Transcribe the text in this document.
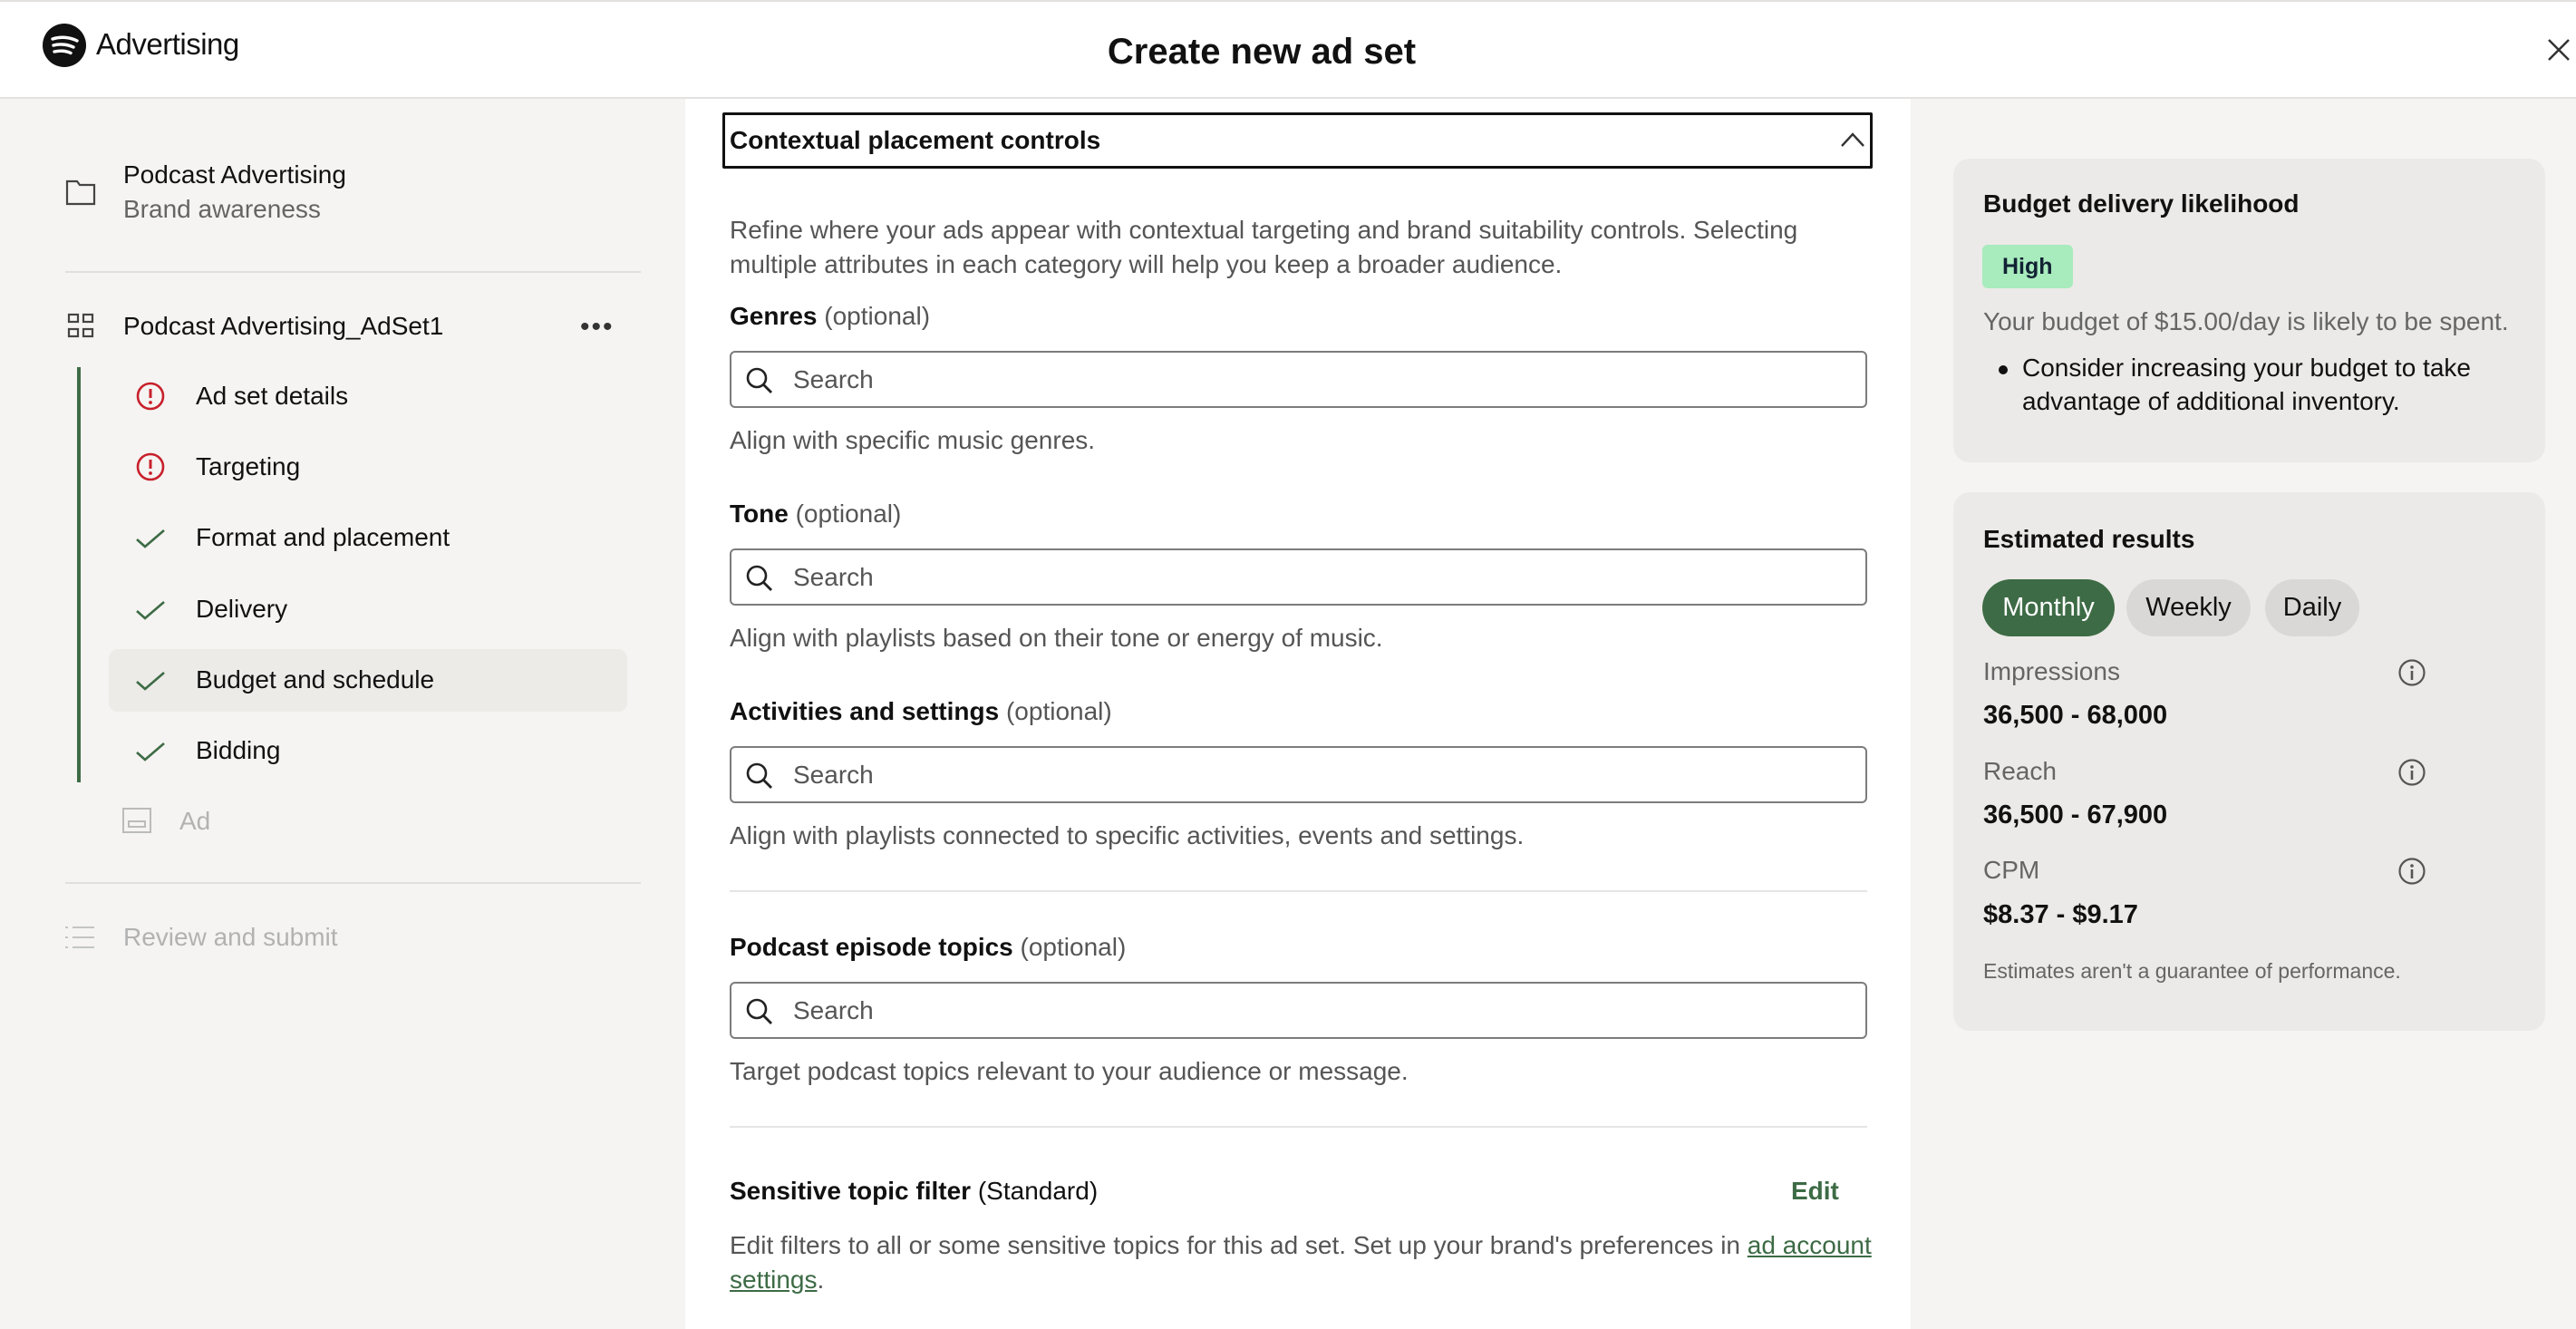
Advertising	Create new ad set
Podcast Advertising
Brand awareness
Podcast Advertising_AdSet1	•••
Ad set details
Targeting
Format and placement
Delivery
Budget and schedule
Bidding
Ad
Review and submit
Contextual placement controls
Refine where your ads appear with contextual targeting and brand suitability controls. Selecting multiple attributes in each category will help you keep a broader audience.
Genres (optional)
Search
Align with specific music genres.
Tone (optional)
Search
Align with playlists based on their tone or energy of music.
Activities and settings (optional)
Search
Align with playlists connected to specific activities, events and settings.
Podcast episode topics (optional)
Search
Target podcast topics relevant to your audience or message.
Sensitive topic filter (Standard)	Edit
Edit filters to all or some sensitive topics for this ad set. Set up your brand's preferences in ad account settings.
Budget delivery likelihood
High
Your budget of $15.00/day is likely to be spent.
Consider increasing your budget to take advantage of additional inventory.
Estimated results
Monthly	Weekly	Daily
Impressions
36,500 - 68,000
Reach
36,500 - 67,900
CPM
$8.37 - $9.17
Estimates aren't a guarantee of performance.
